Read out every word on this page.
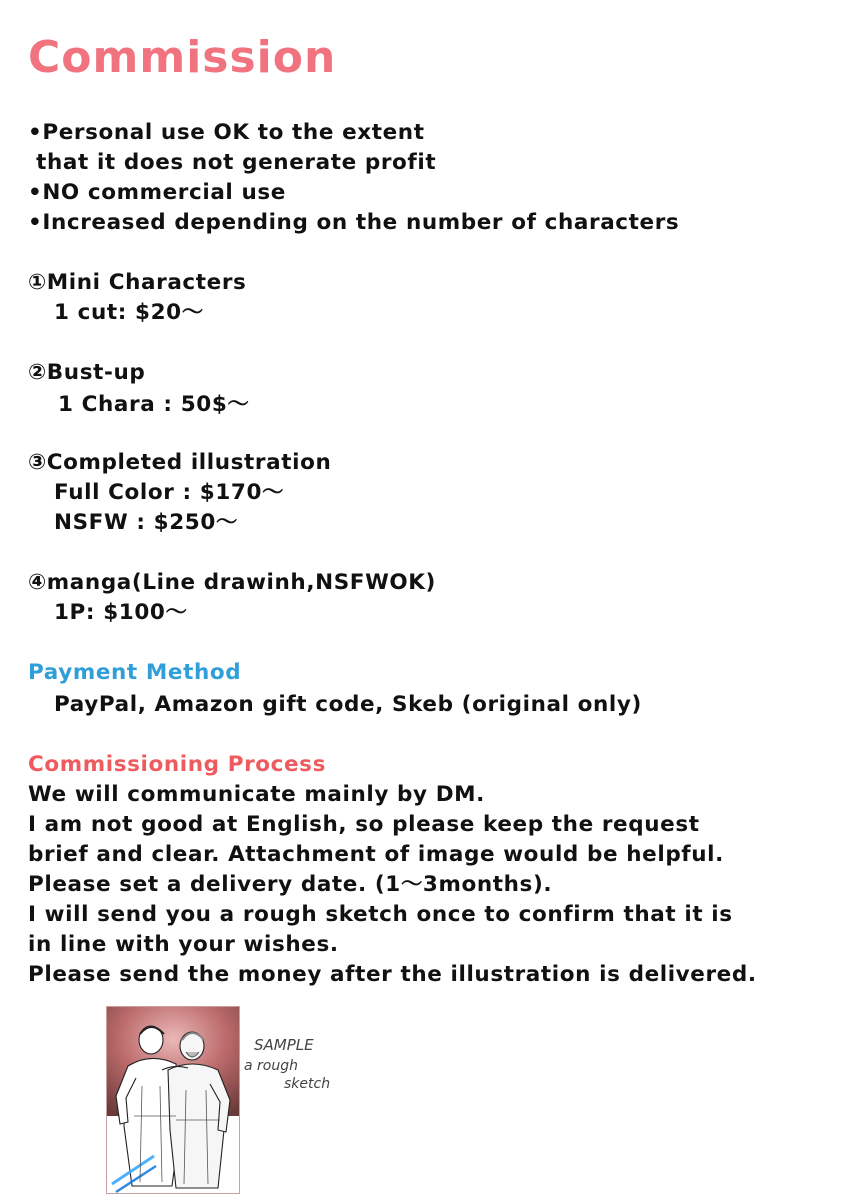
Commission
•Personal use OK to the extent
that it does not generate profit
•NO commercial use
•Increased depending on the number of characters
①Mini Characters
1 cut: $20〜
②Bust-up
1 Chara : 50$〜
③Completed illustration
Full Color : $170〜
NSFW : $250〜
④manga(Line drawinh,NSFWOK)
1P: $100〜
Payment Method
PayPal, Amazon gift code, Skeb (original only)
Commissioning Process
We will communicate mainly by DM.
I am not good at English, so please keep the request
brief and clear. Attachment of image would be helpful.
Please set a delivery date. (1〜3months).
I will send you a rough sketch once to confirm that it is
in line with your wishes.
Please send the money after the illustration is delivered.
SAMPLE
a rough
sketch
